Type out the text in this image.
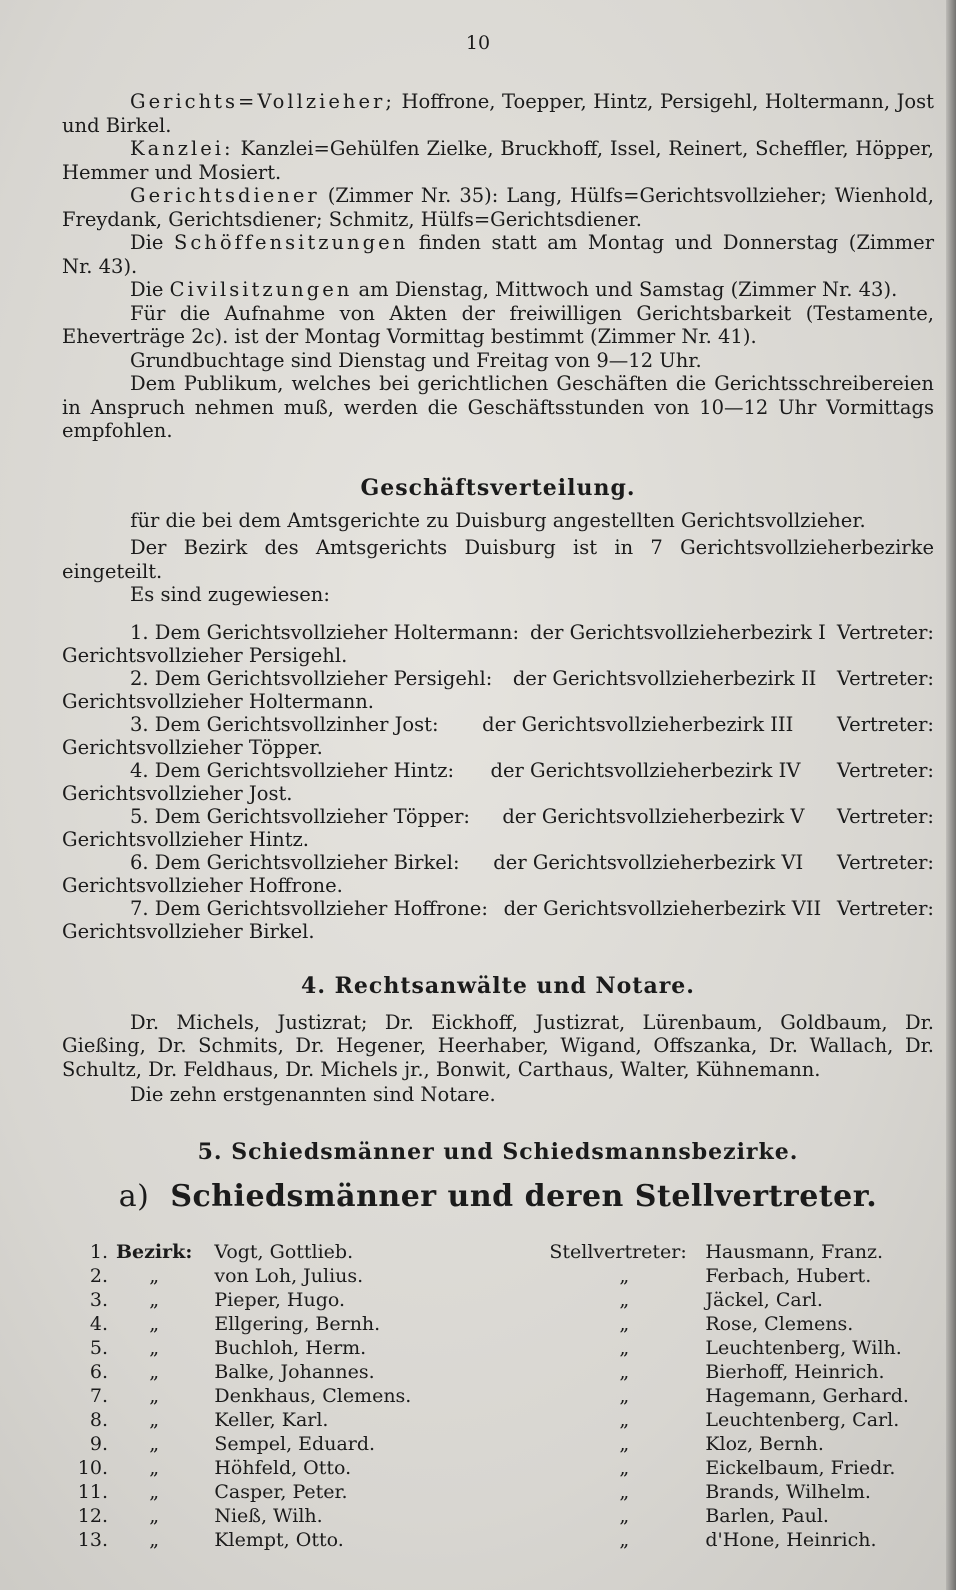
10

Gerichts=Vollzieher; Hoffrone, Toepper, Hintz, Persigehl, Holtermann, Jost und Birkel.

Kanzlei: Kanzlei=Gehülfen Zielke, Bruckhoff, Issel, Reinert, Scheffler, Höpper, Hemmer und Mosiert.

Gerichtsdiener (Zimmer Nr. 35): Lang, Hülfs=Gerichtsvollzieher; Wienhold, Freydank, Gerichtsdiener; Schmitz, Hülfs=Gerichtsdiener.

Die Schöffensitzungen finden statt am Montag und Donnerstag (Zimmer Nr. 43).

Die Civilsitzungen am Dienstag, Mittwoch und Samstag (Zimmer Nr. 43).

Für die Aufnahme von Akten der freiwilligen Gerichtsbarkeit (Testamente, Eheverträge 2c). ist der Montag Vormittag bestimmt (Zimmer Nr. 41).

Grundbuchtage sind Dienstag und Freitag von 9—12 Uhr.

Dem Publikum, welches bei gerichtlichen Geschäften die Gerichtsschreibereien in Anspruch nehmen muß, werden die Geschäftsstunden von 10—12 Uhr Vormittags empfohlen.

Geschäftsverteilung.

für die bei dem Amtsgerichte zu Duisburg angestellten Gerichtsvollzieher.

Der Bezirk des Amtsgerichts Duisburg ist in 7 Gerichtsvollzieherbezirke eingeteilt.

Es sind zugewiesen:

1. Dem Gerichtsvollzieher Holtermann: der Gerichtsvollzieherbezirk I Vertreter:
Gerichtsvollzieher Persigehl.
2. Dem Gerichtsvollzieher Persigehl: der Gerichtsvollzieherbezirk II Vertreter:
Gerichtsvollzieher Holtermann.
3. Dem Gerichtsvollzinher Jost: der Gerichtsvollzieherbezirk III Vertreter:
Gerichtsvollzieher Töpper.
4. Dem Gerichtsvollzieher Hintz: der Gerichtsvollzieherbezirk IV Vertreter:
Gerichtsvollzieher Jost.
5. Dem Gerichtsvollzieher Töpper: der Gerichtsvollzieherbezirk V Vertreter:
Gerichtsvollzieher Hintz.
6. Dem Gerichtsvollzieher Birkel: der Gerichtsvollzieherbezirk VI Vertreter:
Gerichtsvollzieher Hoffrone.
7. Dem Gerichtsvollzieher Hoffrone: der Gerichtsvollzieherbezirk VII Vertreter:
Gerichtsvollzieher Birkel.
4. Rechtsanwälte und Notare.

Dr. Michels, Justizrat; Dr. Eickhoff, Justizrat, Lürenbaum, Goldbaum, Dr. Gießing, Dr. Schmits, Dr. Hegener, Heerhaber, Wigand, Offszanka, Dr. Wallach, Dr. Schultz, Dr. Feldhaus, Dr. Michels jr., Bonwit, Carthaus, Walter, Kühnemann.

Die zehn erstgenannten sind Notare.

5. Schiedsmänner und Schiedsmannsbezirke.
a) Schiedsmänner und deren Stellvertreter.
1.	Bezirk:	Vogt, Gottlieb.	Stellvertreter:	Hausmann, Franz.
2.	„	von Loh, Julius.	„	Ferbach, Hubert.
3.	„	Pieper, Hugo.	„	Jäckel, Carl.
4.	„	Ellgering, Bernh.	„	Rose, Clemens.
5.	„	Buchloh, Herm.	„	Leuchtenberg, Wilh.
6.	„	Balke, Johannes.	„	Bierhoff, Heinrich.
7.	„	Denkhaus, Clemens.	„	Hagemann, Gerhard.
8.	„	Keller, Karl.	„	Leuchtenberg, Carl.
9.	„	Sempel, Eduard.	„	Kloz, Bernh.
10.	„	Höhfeld, Otto.	„	Eickelbaum, Friedr.
11.	„	Casper, Peter.	„	Brands, Wilhelm.
12.	„	Nieß, Wilh.	„	Barlen, Paul.
13.	„	Klempt, Otto.	„	d'Hone, Heinrich.
